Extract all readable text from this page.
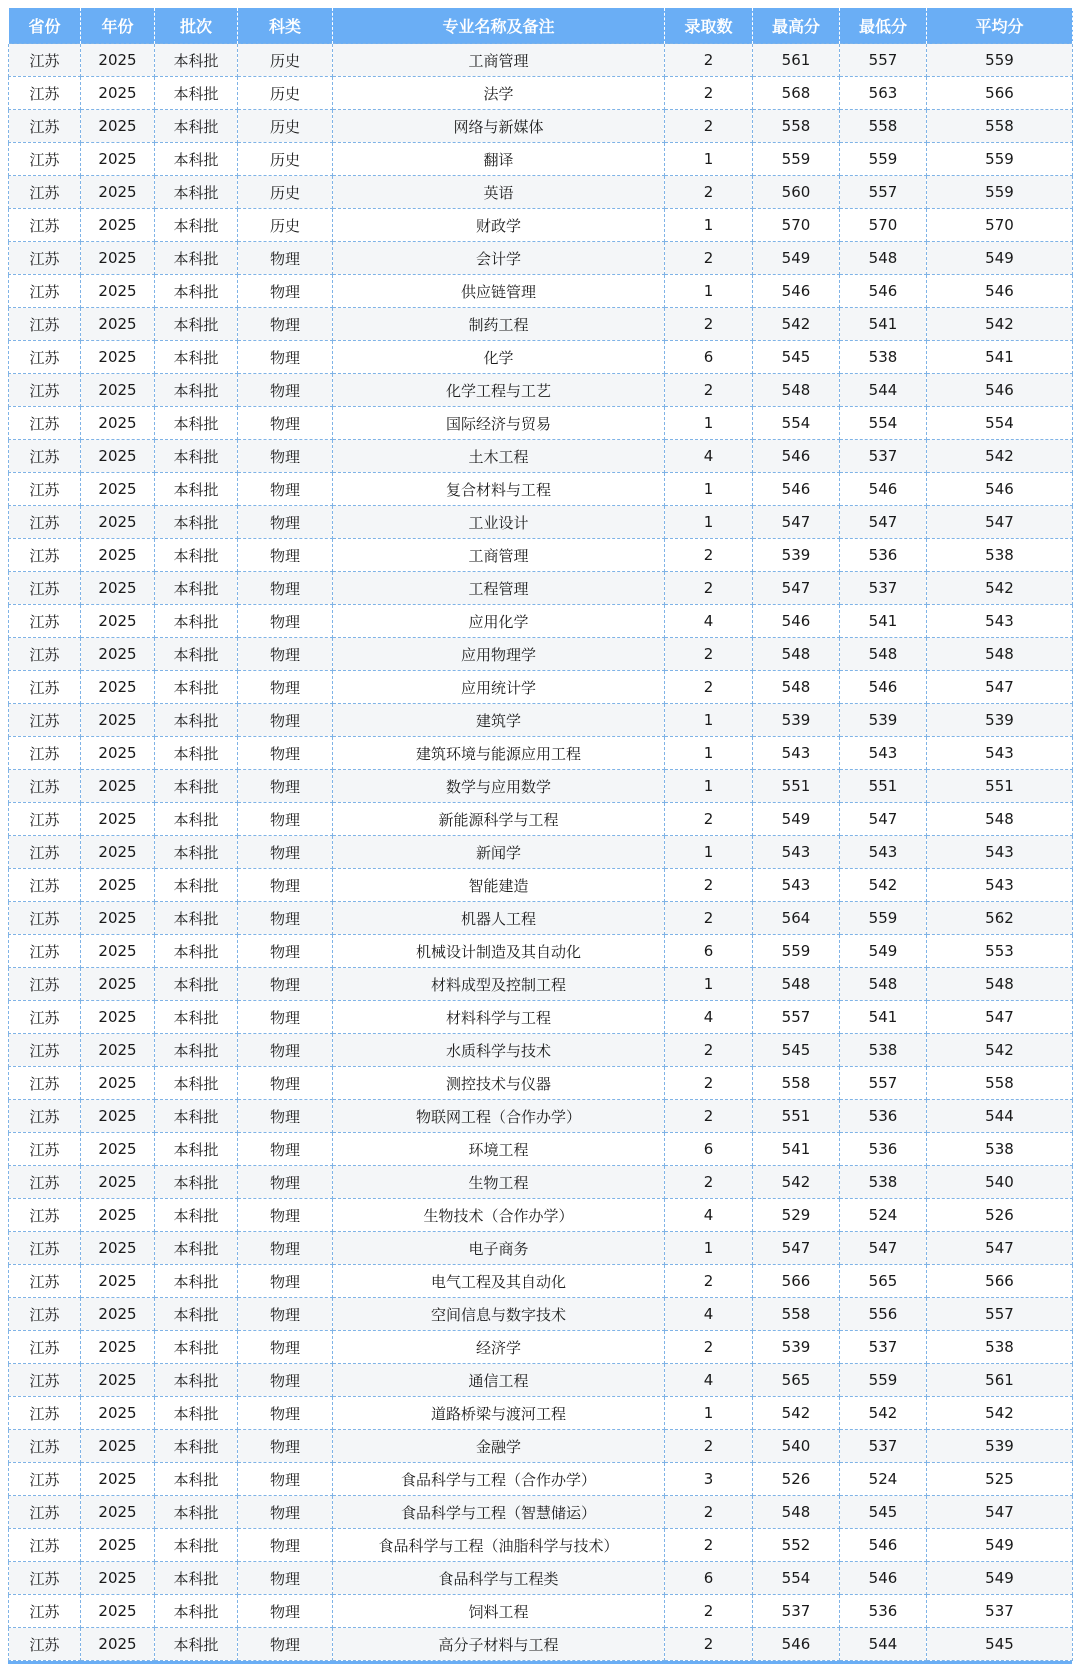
省份	年份	批次	科类	专业名称及备注	录取数	最高分	最低分	平均分
江苏	2025	本科批	历史	工商管理	2	561	557	559
江苏	2025	本科批	历史	法学	2	568	563	566
江苏	2025	本科批	历史	网络与新媒体	2	558	558	558
江苏	2025	本科批	历史	翻译	1	559	559	559
江苏	2025	本科批	历史	英语	2	560	557	559
江苏	2025	本科批	历史	财政学	1	570	570	570
江苏	2025	本科批	物理	会计学	2	549	548	549
江苏	2025	本科批	物理	供应链管理	1	546	546	546
江苏	2025	本科批	物理	制药工程	2	542	541	542
江苏	2025	本科批	物理	化学	6	545	538	541
江苏	2025	本科批	物理	化学工程与工艺	2	548	544	546
江苏	2025	本科批	物理	国际经济与贸易	1	554	554	554
江苏	2025	本科批	物理	土木工程	4	546	537	542
江苏	2025	本科批	物理	复合材料与工程	1	546	546	546
江苏	2025	本科批	物理	工业设计	1	547	547	547
江苏	2025	本科批	物理	工商管理	2	539	536	538
江苏	2025	本科批	物理	工程管理	2	547	537	542
江苏	2025	本科批	物理	应用化学	4	546	541	543
江苏	2025	本科批	物理	应用物理学	2	548	548	548
江苏	2025	本科批	物理	应用统计学	2	548	546	547
江苏	2025	本科批	物理	建筑学	1	539	539	539
江苏	2025	本科批	物理	建筑环境与能源应用工程	1	543	543	543
江苏	2025	本科批	物理	数学与应用数学	1	551	551	551
江苏	2025	本科批	物理	新能源科学与工程	2	549	547	548
江苏	2025	本科批	物理	新闻学	1	543	543	543
江苏	2025	本科批	物理	智能建造	2	543	542	543
江苏	2025	本科批	物理	机器人工程	2	564	559	562
江苏	2025	本科批	物理	机械设计制造及其自动化	6	559	549	553
江苏	2025	本科批	物理	材料成型及控制工程	1	548	548	548
江苏	2025	本科批	物理	材料科学与工程	4	557	541	547
江苏	2025	本科批	物理	水质科学与技术	2	545	538	542
江苏	2025	本科批	物理	测控技术与仪器	2	558	557	558
江苏	2025	本科批	物理	物联网工程（合作办学）	2	551	536	544
江苏	2025	本科批	物理	环境工程	6	541	536	538
江苏	2025	本科批	物理	生物工程	2	542	538	540
江苏	2025	本科批	物理	生物技术（合作办学）	4	529	524	526
江苏	2025	本科批	物理	电子商务	1	547	547	547
江苏	2025	本科批	物理	电气工程及其自动化	2	566	565	566
江苏	2025	本科批	物理	空间信息与数字技术	4	558	556	557
江苏	2025	本科批	物理	经济学	2	539	537	538
江苏	2025	本科批	物理	通信工程	4	565	559	561
江苏	2025	本科批	物理	道路桥梁与渡河工程	1	542	542	542
江苏	2025	本科批	物理	金融学	2	540	537	539
江苏	2025	本科批	物理	食品科学与工程（合作办学）	3	526	524	525
江苏	2025	本科批	物理	食品科学与工程（智慧储运）	2	548	545	547
江苏	2025	本科批	物理	食品科学与工程（油脂科学与技术）	2	552	546	549
江苏	2025	本科批	物理	食品科学与工程类	6	554	546	549
江苏	2025	本科批	物理	饲料工程	2	537	536	537
江苏	2025	本科批	物理	高分子材料与工程	2	546	544	545
